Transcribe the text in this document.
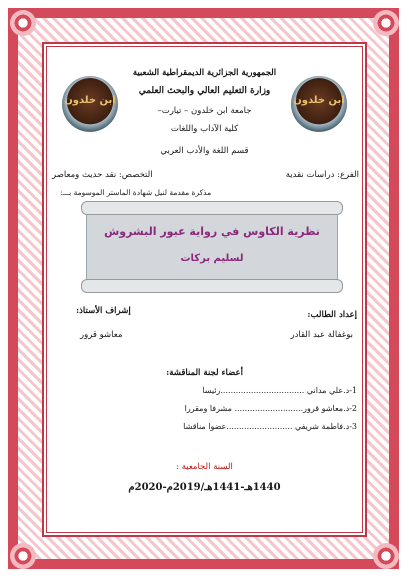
ابن خلدون	ابن خلدون
الجمهورية الجزائرية الديمقراطية الشعبية
وزارة التعليم العالي والبحث العلمي
جامعة ابن خلدون – تيارت–
كلية الآداب واللغات
قسم اللغة والأدب العربي
الفرع: دراسات نقدية
التخصص: نقد حديث ومعاصر
مذكرة مقدمة لنيل شهادة الماستر الموسومة بـــ:
نظرية الكاوس في رواية عبور البشروش
لسليم بركات
إعداد الطالب:
بوغفالة عبد القادر
إشراف الأستاذ:
معاشو قرور
أعضاء لجنة المناقشة:
1-د.علي مداني .................................رئيسا
2-د.معاشو قرور........................... مشرفا ومقررا
3-د.فاطمة شريفي ..........................عضوا مناقشا
السنة الجامعية :
1440هـ-1441هـ/2019م-2020م
